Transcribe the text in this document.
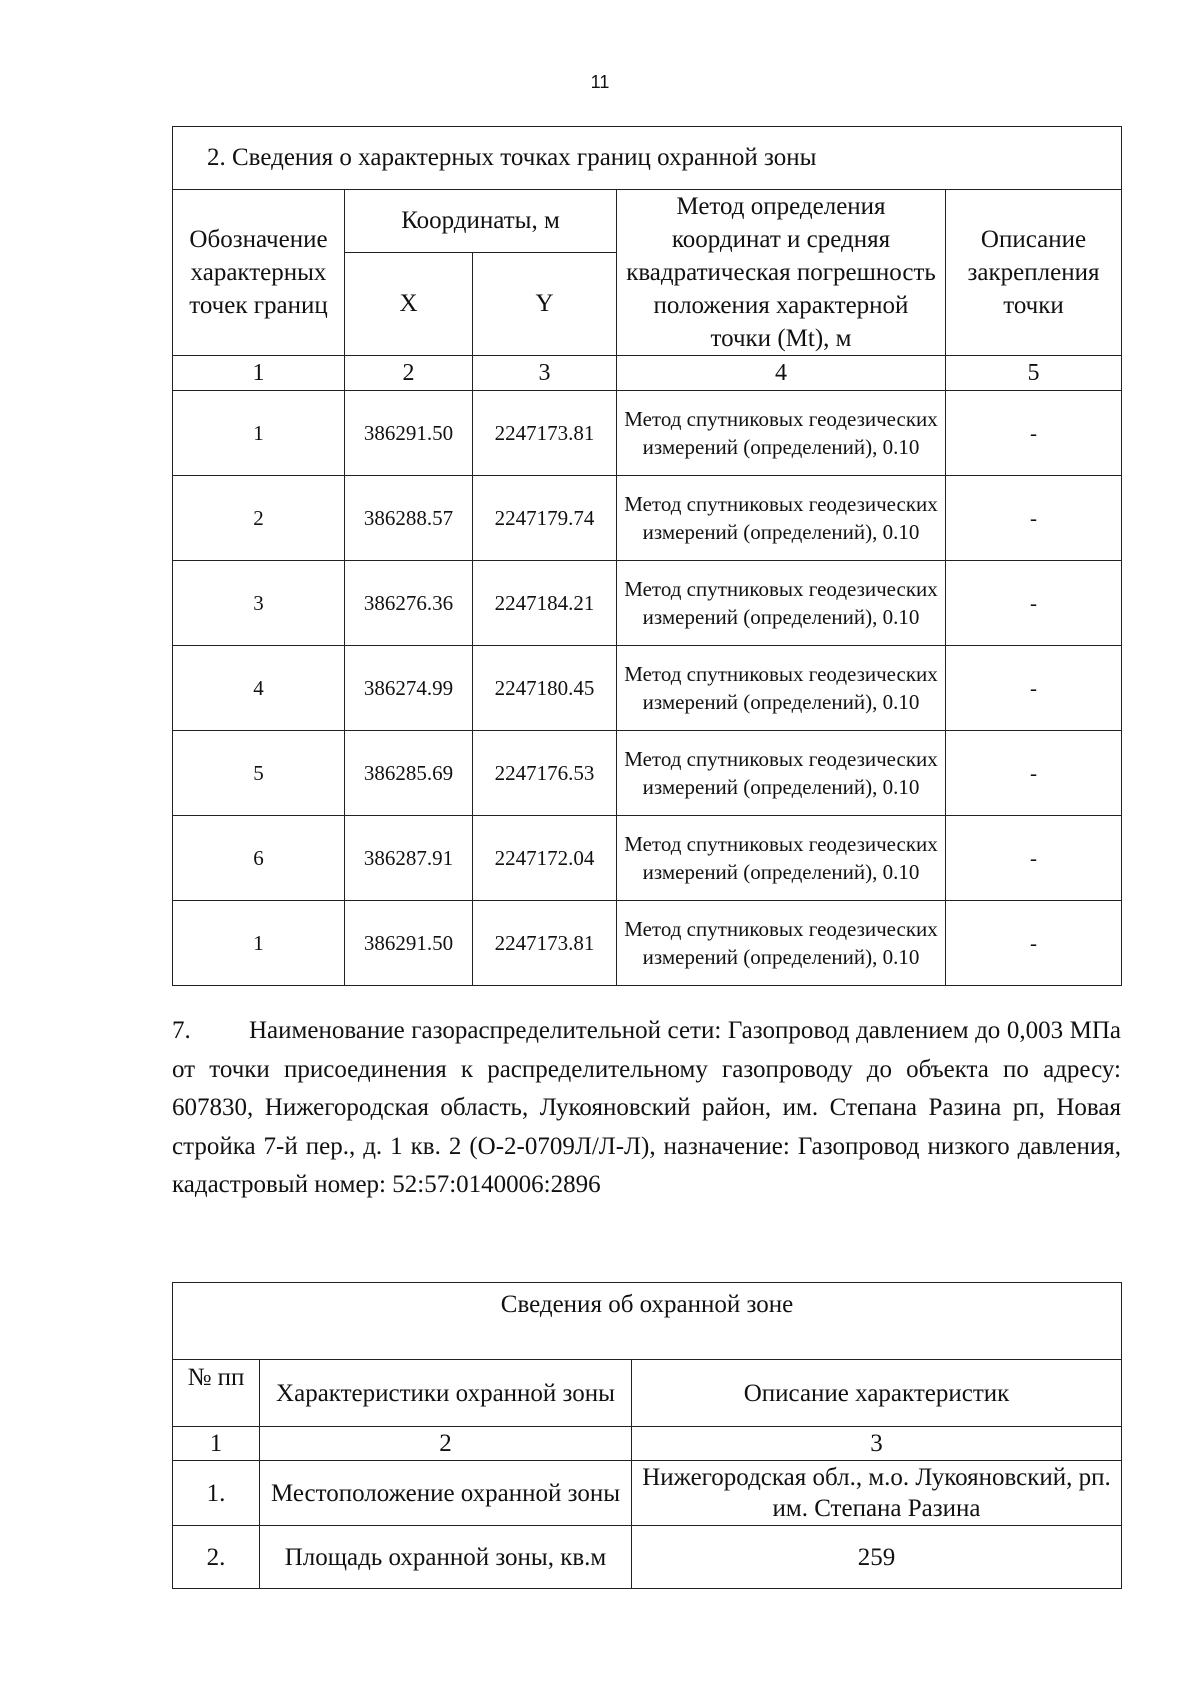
11
2. Сведения о характерных точках границ охранной зоны				
Обозначение характерных точек границ	Координаты, м		Метод определения координат и средняя квадратическая погрешность положения характерной точки (Mt), м	Описание закрепления точки
	X	Y		
1	2	3	4	5
1	386291.50	2247173.81	Метод спутниковых геодезических измерений (определений), 0.10	-
2	386288.57	2247179.74	Метод спутниковых геодезических измерений (определений), 0.10	-
3	386276.36	2247184.21	Метод спутниковых геодезических измерений (определений), 0.10	-
4	386274.99	2247180.45	Метод спутниковых геодезических измерений (определений), 0.10	-
5	386285.69	2247176.53	Метод спутниковых геодезических измерений (определений), 0.10	-
6	386287.91	2247172.04	Метод спутниковых геодезических измерений (определений), 0.10	-
1	386291.50	2247173.81	Метод спутниковых геодезических измерений (определений), 0.10	-
7. Наименование газораспределительной сети: Газопровод давлением до 0,003 МПа от точки присоединения к распределительному газопроводу до объекта по адресу: 607830, Нижегородская область, Лукояновский район, им. Степана Разина рп, Новая стройка 7-й пер., д. 1 кв. 2 (О-2-0709Л/Л-Л), назначение: Газопровод низкого давления, кадастровый номер: 52:57:0140006:2896
Сведения об охранной зоне		
№ пп	Характеристики охранной зоны	Описание характеристик
1	2	3
1.	Местоположение охранной зоны	Нижегородская обл., м.о. Лукояновский, рп. им. Степана Разина
2.	Площадь охранной зоны, кв.м	259
